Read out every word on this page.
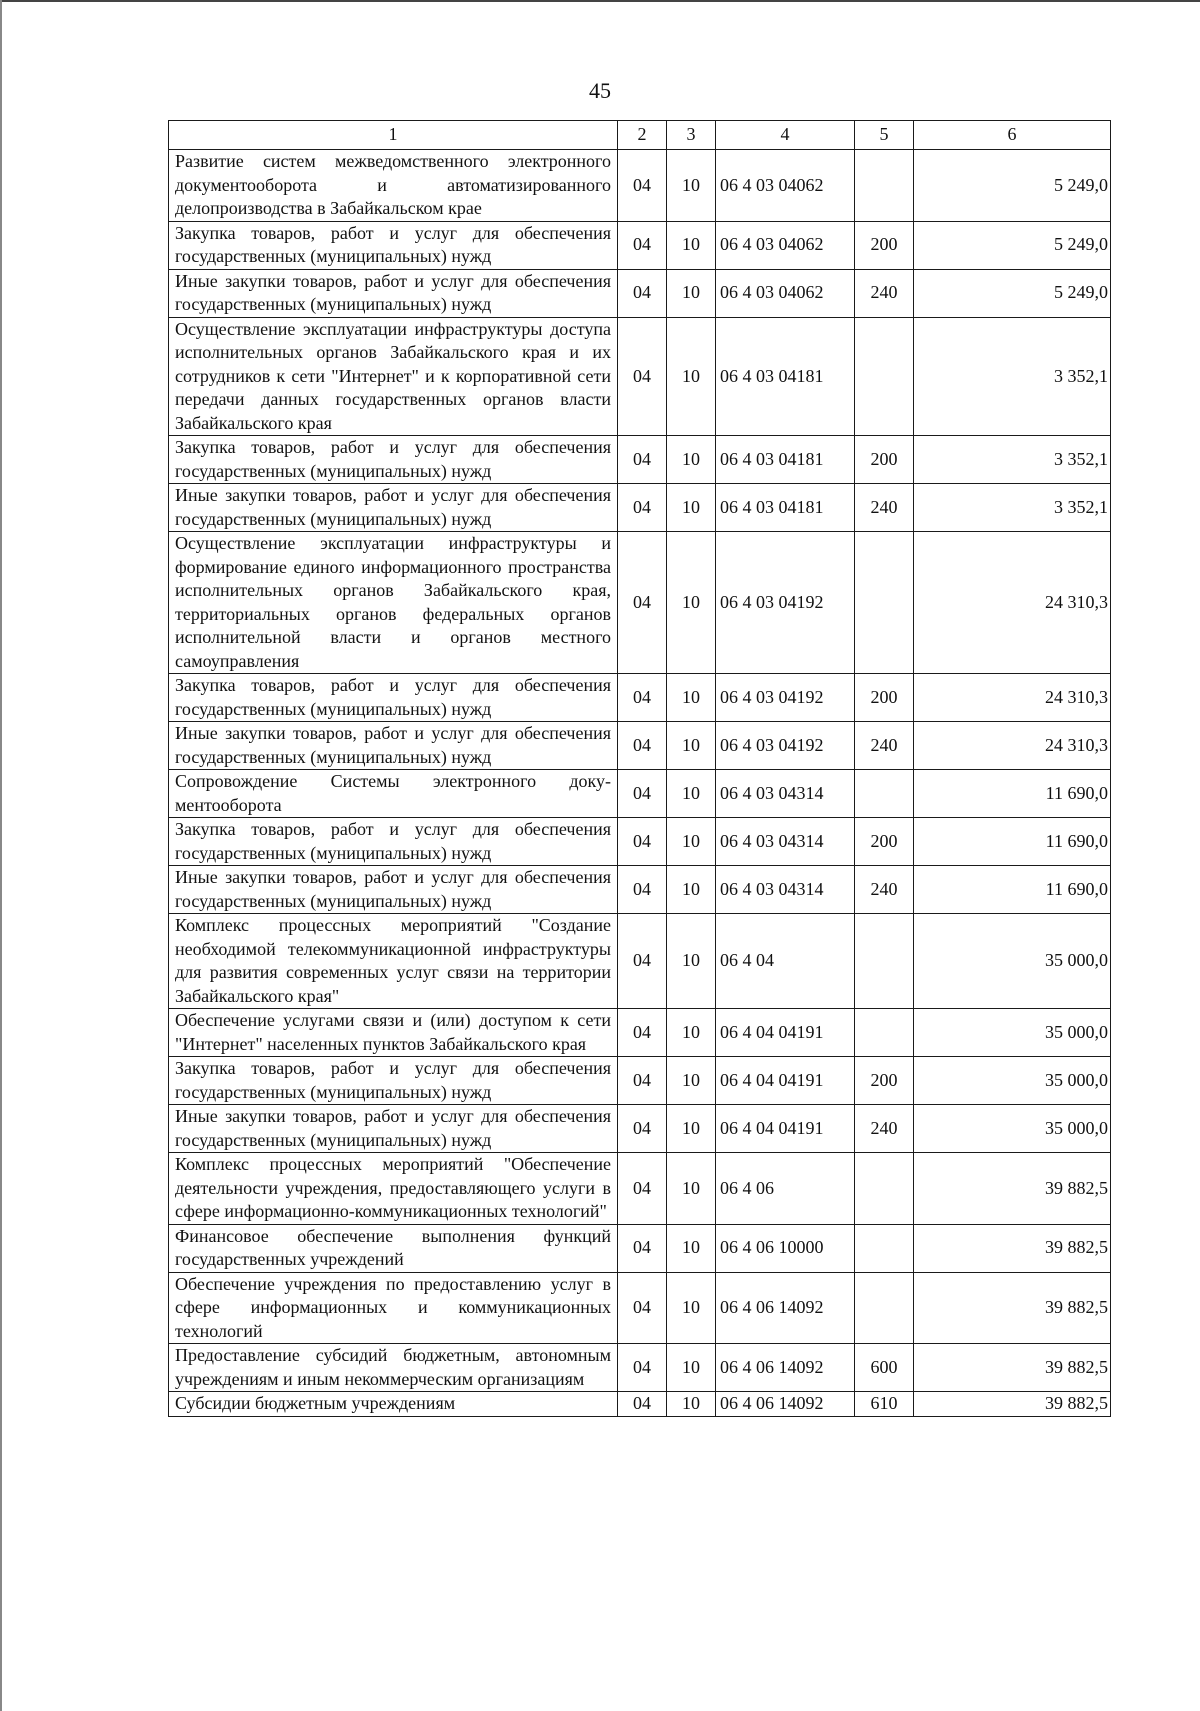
45
1	2	3	4	5	6
Развитие систем межведомственного электронного документооборота и автоматизированного делопроизводства в Забайкальском крае	04	10	06 4 03 04062		5 249,0
Закупка товаров, работ и услуг для обеспечения государственных (муниципальных) нужд	04	10	06 4 03 04062	200	5 249,0
Иные закупки товаров, работ и услуг для обеспечения государственных (муниципальных) нужд	04	10	06 4 03 04062	240	5 249,0
Осуществление эксплуатации инфраструктуры доступа исполнительных органов Забайкальского края и их сотрудников к сети "Интернет" и к корпоративной сети передачи данных государственных органов власти Забайкальского края	04	10	06 4 03 04181		3 352,1
Закупка товаров, работ и услуг для обеспечения государственных (муниципальных) нужд	04	10	06 4 03 04181	200	3 352,1
Иные закупки товаров, работ и услуг для обеспечения государственных (муниципальных) нужд	04	10	06 4 03 04181	240	3 352,1
Осуществление эксплуатации инфраструктуры и формирование единого информационного пространства исполнительных органов Забайкальского края, территориальных органов федеральных органов исполнительной власти и органов местного самоуправления	04	10	06 4 03 04192		24 310,3
Закупка товаров, работ и услуг для обеспечения государственных (муниципальных) нужд	04	10	06 4 03 04192	200	24 310,3
Иные закупки товаров, работ и услуг для обеспечения государственных (муниципальных) нужд	04	10	06 4 03 04192	240	24 310,3
Сопровождение Системы электронного документооборота	04	10	06 4 03 04314		11 690,0
Закупка товаров, работ и услуг для обеспечения государственных (муниципальных) нужд	04	10	06 4 03 04314	200	11 690,0
Иные закупки товаров, работ и услуг для обеспечения государственных (муниципальных) нужд	04	10	06 4 03 04314	240	11 690,0
Комплекс процессных мероприятий "Создание необходимой телекоммуникационной инфраструктуры для развития современных услуг связи на территории Забайкальского края"	04	10	06 4 04		35 000,0
Обеспечение услугами связи и (или) доступом к сети "Интернет" населенных пунктов Забайкальского края	04	10	06 4 04 04191		35 000,0
Закупка товаров, работ и услуг для обеспечения государственных (муниципальных) нужд	04	10	06 4 04 04191	200	35 000,0
Иные закупки товаров, работ и услуг для обеспечения государственных (муниципальных) нужд	04	10	06 4 04 04191	240	35 000,0
Комплекс процессных мероприятий "Обеспечение деятельности учреждения, предоставляющего услуги в сфере информационно-коммуникационных технологий"	04	10	06 4 06		39 882,5
Финансовое обеспечение выполнения функций государственных учреждений	04	10	06 4 06 10000		39 882,5
Обеспечение учреждения по предоставлению услуг в сфере информационных и коммуникационных технологий	04	10	06 4 06 14092		39 882,5
Предоставление субсидий бюджетным, автономным учреждениям и иным некоммерческим организациям	04	10	06 4 06 14092	600	39 882,5
Субсидии бюджетным учреждениям	04	10	06 4 06 14092	610	39 882,5
